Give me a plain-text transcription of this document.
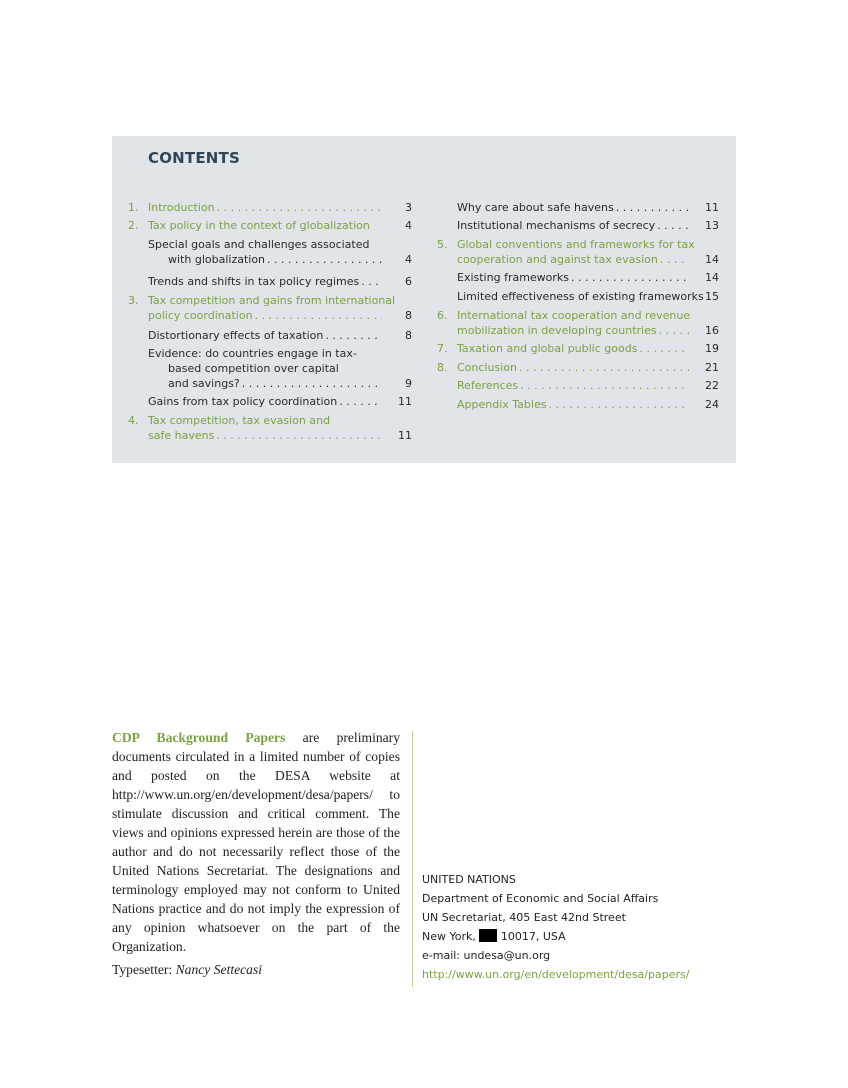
CONTENTS
1. Introduction . . .	3
2. Tax policy in the context of globalization	4
Special goals and challenges associated
with globalization . . .	4
Trends and shifts in tax policy regimes . . .	6
3. Tax competition and gains from international
policy coordination . . .	8
Distortionary effects of taxation . . .	8
Evidence: do countries engage in tax-
based competition over capital
and savings? . . .	9
Gains from tax policy coordination . . .	11
4. Tax competition, tax evasion and
safe havens . . .	11
Why care about safe havens . . .	11
Institutional mechanisms of secrecy . . .	13
5. Global conventions and frameworks for tax
cooperation and against tax evasion . . .	14
Existing frameworks . . .	14
Limited effectiveness of existing frameworks 15
6. International tax cooperation and revenue
mobilization in developing countries . . .	16
7. Taxation and global public goods . . .	19
8. Conclusion . . .	21
References . . .	22
Appendix Tables . . .	24
CDP Background Papers are preliminary documents circulated in a limited number of copies and posted on the DESA website at http://www.un.org/en/development/desa/papers/ to stimulate discussion and critical comment. The views and opinions expressed herein are those of the author and do not necessarily reflect those of the United Nations Secretariat. The designations and terminology employed may not conform to United Nations practice and do not imply the expression of any opinion whatsoever on the part of the Organization.
Typesetter: Nancy Settecasi
UNITED NATIONS
Department of Economic and Social Affairs
UN Secretariat, 405 East 42nd Street
New York,  10017, USA
e-mail: undesa@un.org
http://www.un.org/en/development/desa/papers/
